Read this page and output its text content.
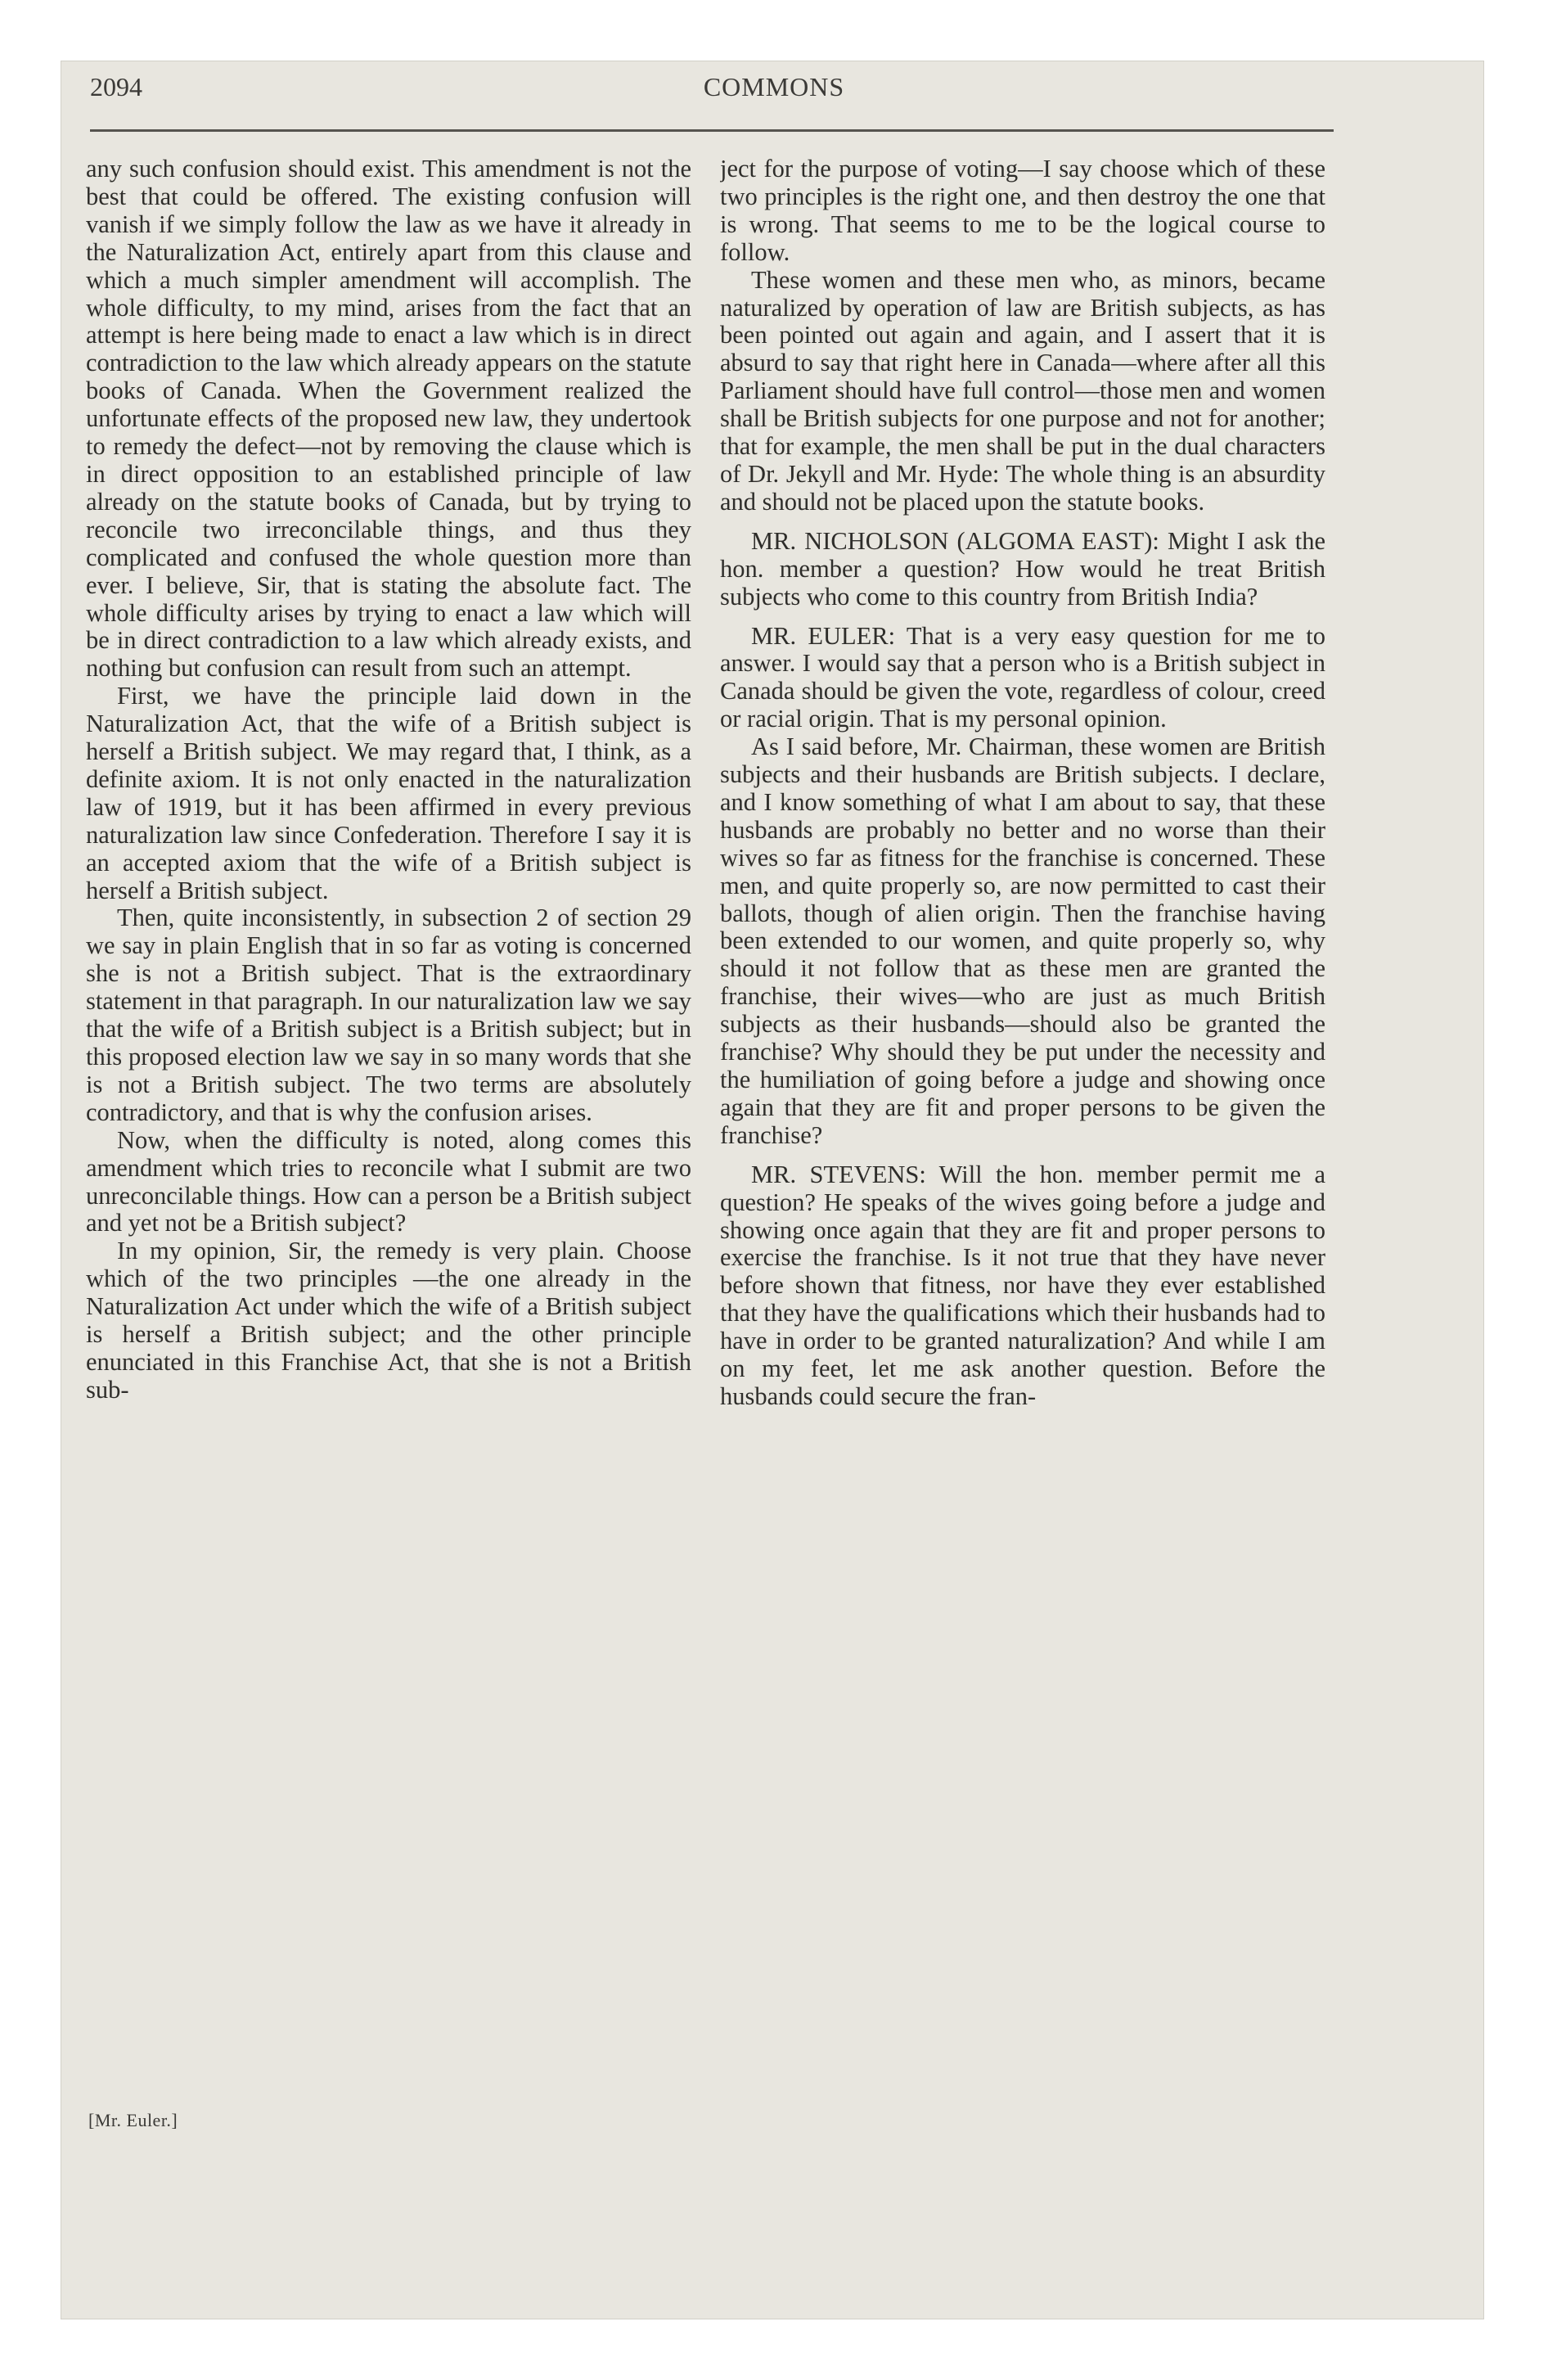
2094	COMMONS

any such confusion should exist. This amendment is not the best that could be offered. The existing confusion will vanish if we simply follow the law as we have it already in the Naturalization Act, entirely apart from this clause and which a much simpler amendment will accomplish. The whole difficulty, to my mind, arises from the fact that an attempt is here being made to enact a law which is in direct contradiction to the law which already appears on the statute books of Canada. When the Government realized the unfortunate effects of the proposed new law, they undertook to remedy the defect—not by removing the clause which is in direct opposition to an established principle of law already on the statute books of Canada, but by trying to reconcile two irreconcilable things, and thus they complicated and confused the whole question more than ever. I believe, Sir, that is stating the absolute fact. The whole difficulty arises by trying to enact a law which will be in direct contradiction to a law which already exists, and nothing but confusion can result from such an attempt.

First, we have the principle laid down in the Naturalization Act, that the wife of a British subject is herself a British subject. We may regard that, I think, as a definite axiom. It is not only enacted in the naturalization law of 1919, but it has been affirmed in every previous naturalization law since Confederation. Therefore I say it is an accepted axiom that the wife of a British subject is herself a British subject.

Then, quite inconsistently, in subsection 2 of section 29 we say in plain English that in so far as voting is concerned she is not a British subject. That is the extraordinary statement in that paragraph. In our naturalization law we say that the wife of a British subject is a British subject; but in this proposed election law we say in so many words that she is not a British subject. The two terms are absolutely contradictory, and that is why the confusion arises.

Now, when the difficulty is noted, along comes this amendment which tries to reconcile what I submit are two unreconcilable things. How can a person be a British subject and yet not be a British subject?

In my opinion, Sir, the remedy is very plain. Choose which of the two principles —the one already in the Naturalization Act under which the wife of a British subject is herself a British subject; and the other principle enunciated in this Franchise Act, that she is not a British sub-

[Mr. Euler.]

ject for the purpose of voting—I say choose which of these two principles is the right one, and then destroy the one that is wrong. That seems to me to be the logical course to follow.

These women and these men who, as minors, became naturalized by operation of law are British subjects, as has been pointed out again and again, and I assert that it is absurd to say that right here in Canada—where after all this Parliament should have full control—those men and women shall be British subjects for one purpose and not for another; that for example, the men shall be put in the dual characters of Dr. Jekyll and Mr. Hyde: The whole thing is an absurdity and should not be placed upon the statute books.

MR. NICHOLSON (ALGOMA EAST): Might I ask the hon. member a question? How would he treat British subjects who come to this country from British India?

MR. EULER: That is a very easy question for me to answer. I would say that a person who is a British subject in Canada should be given the vote, regardless of colour, creed or racial origin. That is my personal opinion.

As I said before, Mr. Chairman, these women are British subjects and their husbands are British subjects. I declare, and I know something of what I am about to say, that these husbands are probably no better and no worse than their wives so far as fitness for the franchise is concerned. These men, and quite properly so, are now permitted to cast their ballots, though of alien origin. Then the franchise having been extended to our women, and quite properly so, why should it not follow that as these men are granted the franchise, their wives—who are just as much British subjects as their husbands—should also be granted the franchise? Why should they be put under the necessity and the humiliation of going before a judge and showing once again that they are fit and proper persons to be given the franchise?

MR. STEVENS: Will the hon. member permit me a question? He speaks of the wives going before a judge and showing once again that they are fit and proper persons to exercise the franchise. Is it not true that they have never before shown that fitness, nor have they ever established that they have the qualifications which their husbands had to have in order to be granted naturalization? And while I am on my feet, let me ask another question. Before the husbands could secure the fran-
